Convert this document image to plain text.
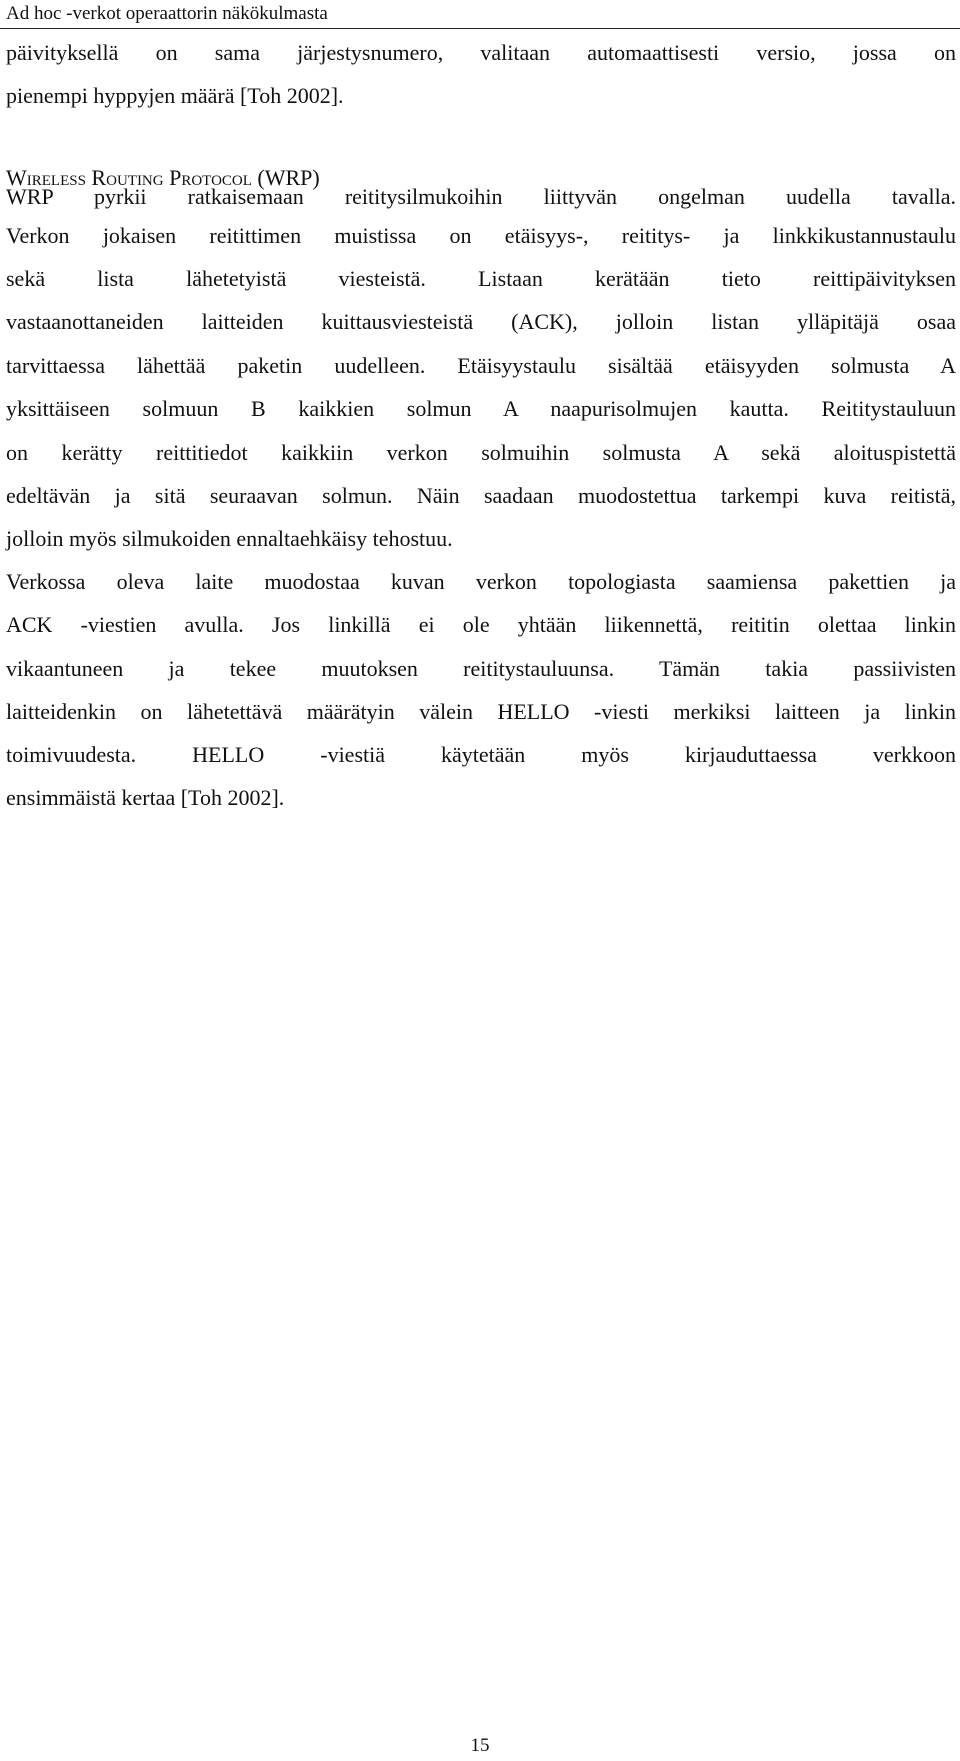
Ad hoc -verkot operaattorin näkökulmasta
päivityksellä on sama järjestysnumero, valitaan automaattisesti versio, jossa on
pienempi hyppyjen määrä [Toh 2002].
Wireless Routing Protocol (WRP)
WRP pyrkii ratkaisemaan reititysilmukoihin liittyvän ongelman uudella tavalla.
Verkon jokaisen reitittimen muistissa on etäisyys-, reititys- ja linkkikustannustaulu
sekä lista lähetetyistä viesteistä. Listaan kerätään tieto reittipäivityksen
vastaanottaneiden laitteiden kuittausviesteistä (ACK), jolloin listan ylläpitäjä osaa
tarvittaessa lähettää paketin uudelleen. Etäisyystaulu sisältää etäisyyden solmusta A
yksittäiseen solmuun B kaikkien solmun A naapurisolmujen kautta. Reititystauluun
on kerätty reittitiedot kaikkiin verkon solmuihin solmusta A sekä aloituspistettä
edeltävän ja sitä seuraavan solmun. Näin saadaan muodostettua tarkempi kuva reitistä,
jolloin myös silmukoiden ennaltaehkäisy tehostuu.
Verkossa oleva laite muodostaa kuvan verkon topologiasta saamiensa pakettien ja
ACK -viestien avulla. Jos linkillä ei ole yhtään liikennettä, reititin olettaa linkin
vikaantuneen ja tekee muutoksen reititystauluunsa. Tämän takia passiivisten
laitteidenkin on lähetettävä määrätyin välein HELLO -viesti merkiksi laitteen ja linkin
toimivuudesta. HELLO -viestiä käytetään myös kirjauduttaessa verkkoon
ensimmäistä kertaa [Toh 2002].
15
